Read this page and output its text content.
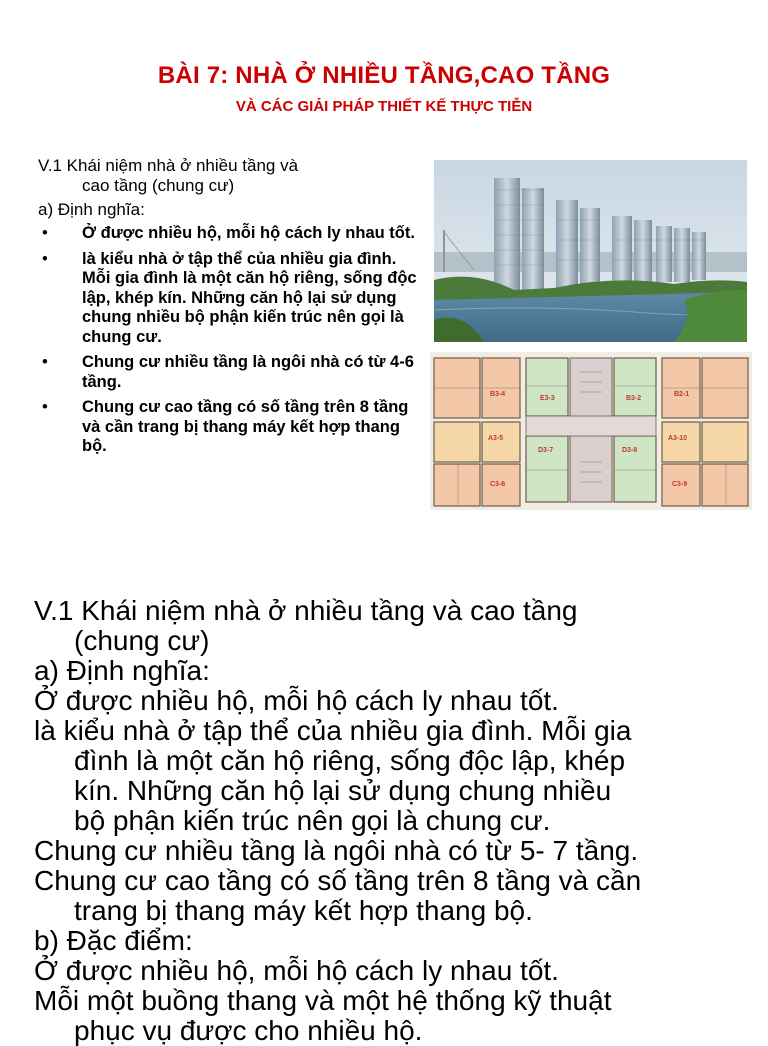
BÀI 7: NHÀ Ở NHIỀU TẦNG,CAO TẦNG
VÀ CÁC GIẢI PHÁP THIẾT KẾ THỰC TIỄN
V.1 Khái niệm nhà ở nhiều tầng và
cao tầng (chung cư)
a) Định nghĩa:
• Ở được nhiều hộ, mỗi hộ cách ly nhau tốt.
• là kiểu nhà ở tập thể của nhiều gia đình. Mỗi gia đình là một căn hộ riêng, sống độc lập, khép kín. Những căn hộ lại sử dụng chung nhiều bộ phận kiến trúc nên gọi là chung cư.
• Chung cư nhiều tầng là ngôi nhà có từ 4-6 tầng.
• Chung cư cao tầng có số tầng trên 8 tầng và cần trang bị thang máy kết hợp thang bộ.
B3-4
E3-3	B3-2
B2-1
A3-5
D3-7	D3-8
A3-10
C3-6	C3-9

V.1 Khái niệm nhà ở nhiều tầng và cao tầng

(chung cư)

a) Định nghĩa:

Ở được nhiều hộ, mỗi hộ cách ly nhau tốt.

là kiểu nhà ở tập thể của nhiều gia đình. Mỗi gia

đình là một căn hộ riêng, sống độc lập, khép

kín. Những căn hộ lại sử dụng chung nhiều

bộ phận kiến trúc nên gọi là chung cư.

Chung cư nhiều tầng là ngôi nhà có từ 5- 7 tầng.

Chung cư cao tầng có số tầng trên 8 tầng và cần

trang bị thang máy kết hợp thang bộ.

b) Đặc điểm:

Ở được nhiều hộ, mỗi hộ cách ly nhau tốt.

Mỗi một buồng thang và một hệ thống kỹ thuật

phục vụ được cho nhiều hộ.
